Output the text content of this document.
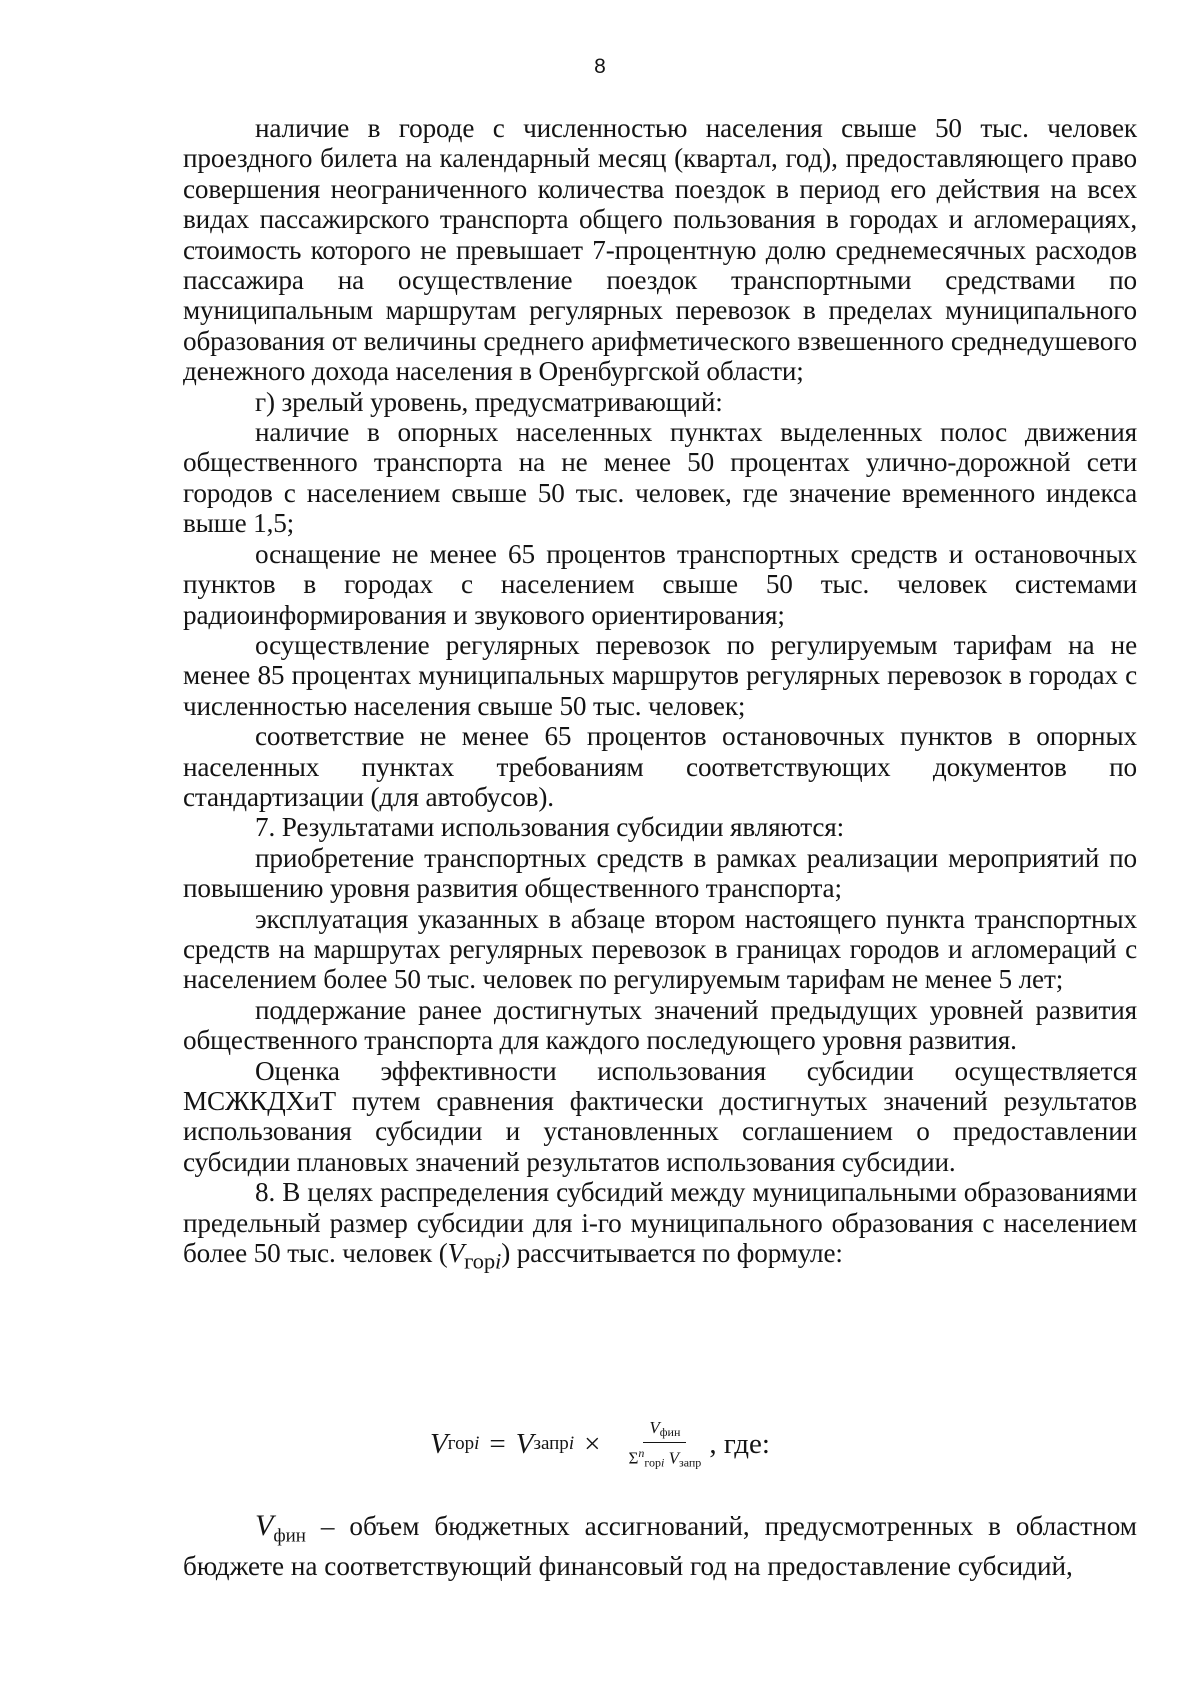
8

наличие в городе с численностью населения свыше 50 тыс. человек проездного билета на календарный месяц (квартал, год), предоставляющего право совершения неограниченного количества поездок в период его действия на всех видах пассажирского транспорта общего пользования в городах и агломерациях, стоимость которого не превышает 7-процентную долю среднемесячных расходов пассажира на осуществление поездок транспортными средствами по муниципальным маршрутам регулярных перевозок в пределах муниципального образования от величины среднего арифметического взвешенного среднедушевого денежного дохода населения в Оренбургской области;

г) зрелый уровень, предусматривающий:

наличие в опорных населенных пунктах выделенных полос движения общественного транспорта на не менее 50 процентах улично-дорожной сети городов с населением свыше 50 тыс. человек, где значение временного индекса выше 1,5;

оснащение не менее 65 процентов транспортных средств и остановочных пунктов в городах с населением свыше 50 тыс. человек системами радиоинформирования и звукового ориентирования;

осуществление регулярных перевозок по регулируемым тарифам на не менее 85 процентах муниципальных маршрутов регулярных перевозок в городах с численностью населения свыше 50 тыс. человек;

соответствие не менее 65 процентов остановочных пунктов в опорных населенных пунктах требованиям соответствующих документов по стандартизации (для автобусов).

7. Результатами использования субсидии являются:

приобретение транспортных средств в рамках реализации мероприятий по повышению уровня развития общественного транспорта;

эксплуатация указанных в абзаце втором настоящего пункта транспортных средств на маршрутах регулярных перевозок в границах городов и агломераций с населением более 50 тыс. человек по регулируемым тарифам не менее 5 лет;

поддержание ранее достигнутых значений предыдущих уровней развития общественного транспорта для каждого последующего уровня развития.

Оценка эффективности использования субсидии осуществляется МСЖКДХиТ путем сравнения фактически достигнутых значений результатов использования субсидии и установленных соглашением о предоставлении субсидии плановых значений результатов использования субсидии.

8. В целях распределения субсидий между муниципальными образованиями предельный размер субсидии для i-го муниципального образования с населением более 50 тыс. человек $(V_{горi})$ рассчитывается по формуле:

V горi = V запрi × $\frac{V_{фин}}{\Sigma^n_{горi} V_{запр}}$ , где:

$V_{фин}$ – объем бюджетных ассигнований, предусмотренных в областном бюджете на соответствующий финансовый год на предоставление субсидий,
